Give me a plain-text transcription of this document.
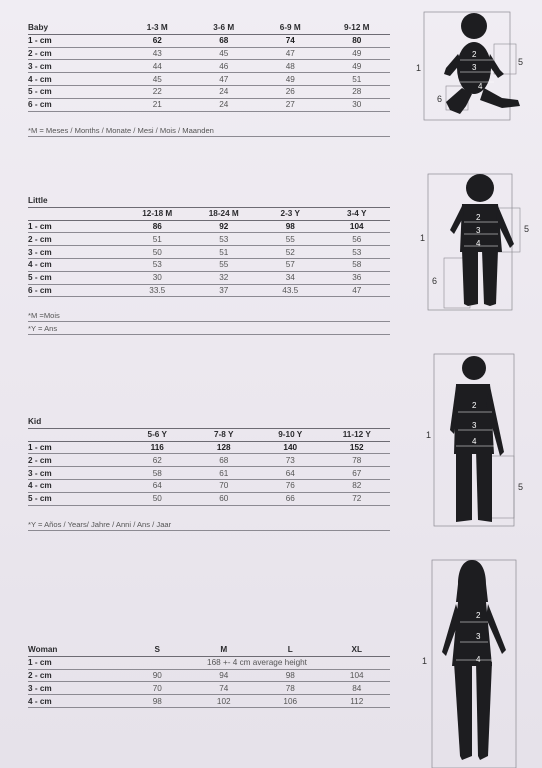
Baby	1-3 M	3-6 M	6-9 M	9-12 M
1 - cm	62	68	74	80
2 - cm	43	45	47	49
3 - cm	44	46	48	49
4 - cm	45	47	49	51
5 - cm	22	24	26	28
6 - cm	21	24	27	30
*M = Meses / Months / Monate / Mesi / Mois / Maanden
Little				
	12-18 M	18-24 M	2-3 Y	3-4 Y
1 - cm	86	92	98	104
2 - cm	51	53	55	56
3 - cm	50	51	52	53
4 - cm	53	55	57	58
5 - cm	30	32	34	36
6 - cm	33.5	37	43.5	47
*M =Mois
*Y = Ans
Kid				
	5-6 Y	7-8 Y	9-10 Y	11-12 Y
1 - cm	116	128	140	152
2 - cm	62	68	73	78
3 - cm	58	61	64	67
4 - cm	64	70	76	82
5 - cm	50	60	66	72
*Y = Años / Years/ Jahre / Anni / Ans / Jaar
Woman	S	M	L	XL
1 - cm	168 +- 4 cm average height			
2 - cm	90	94	98	104
3 - cm	70	74	78	84
4 - cm	98	102	106	112
1
2
3
4
5
6
1
2
3
4
5
6
1
2
3
4
5
1
2
3
4
